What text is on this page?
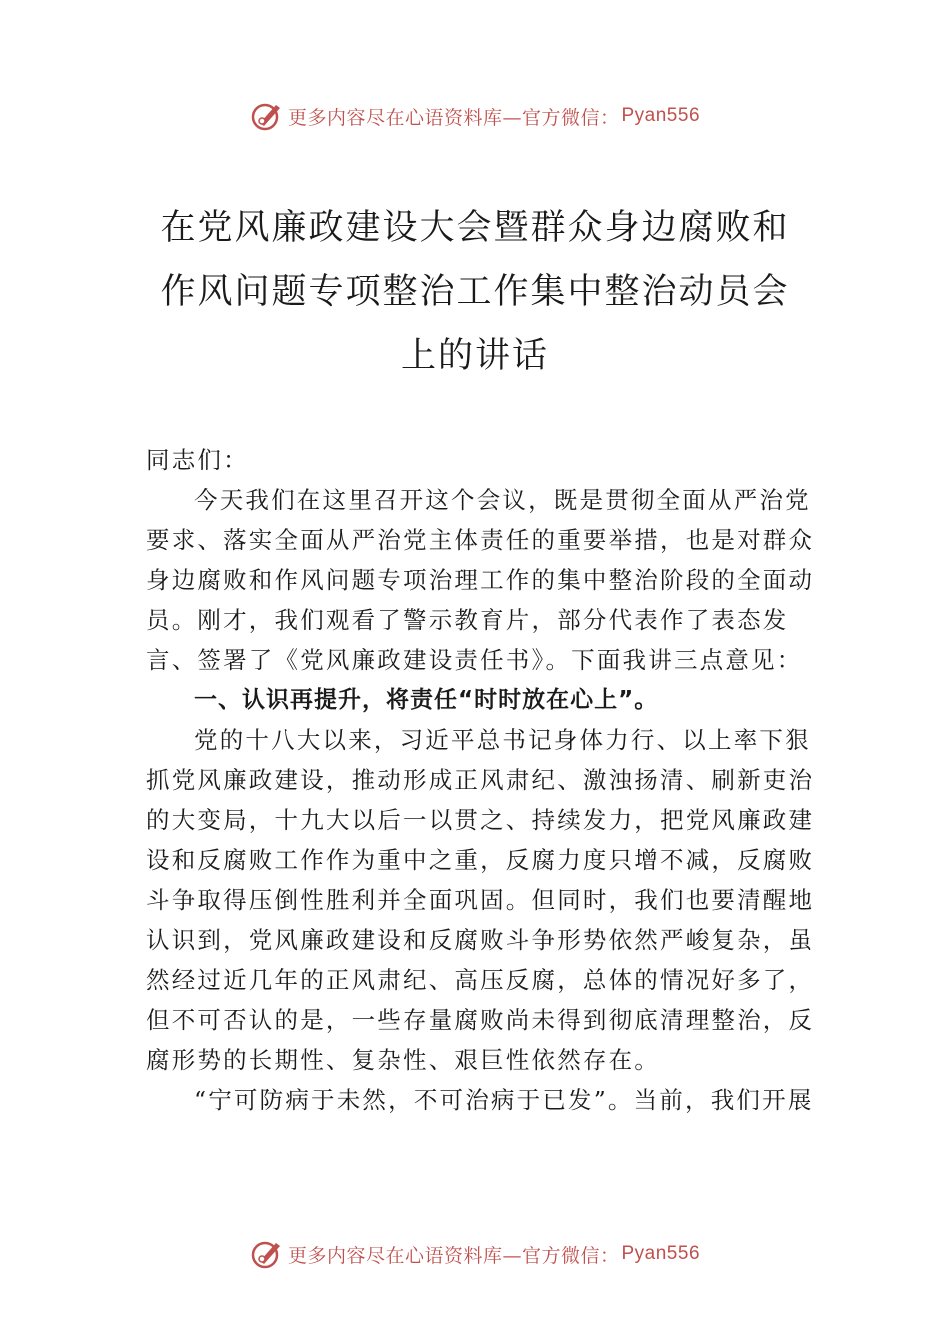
更多内容尽在心语资料库—官方微信： Pyan556
在党风廉政建设大会暨群众身边腐败和
作风问题专项整治工作集中整治动员会
上的讲话

同志们：

今天我们在这里召开这个会议，既是贯彻全面从严治党要求、落实全面从严治党主体责任的重要举措，也是对群众身边腐败和作风问题专项治理工作的集中整治阶段的全面动员。刚才，我们观看了警示教育片，部分代表作了表态发言、签署了《党风廉政建设责任书》。下面我讲三点意见：

一、认识再提升，将责任“时时放在心上”。

党的十八大以来，习近平总书记身体力行、以上率下狠抓党风廉政建设，推动形成正风肃纪、激浊扬清、刷新吏治的大变局，十九大以后一以贯之、持续发力，把党风廉政建设和反腐败工作作为重中之重，反腐力度只增不减，反腐败斗争取得压倒性胜利并全面巩固。但同时，我们也要清醒地认识到，党风廉政建设和反腐败斗争形势依然严峻复杂，虽然经过近几年的正风肃纪、高压反腐，总体的情况好多了， 但不可否认的是，一些存量腐败尚未得到彻底清理整治，反腐形势的长期性、复杂性、艰巨性依然存在。

“宁可防病于未然，不可治病于已发”。当前，我们开展

更多内容尽在心语资料库—官方微信： Pyan556
